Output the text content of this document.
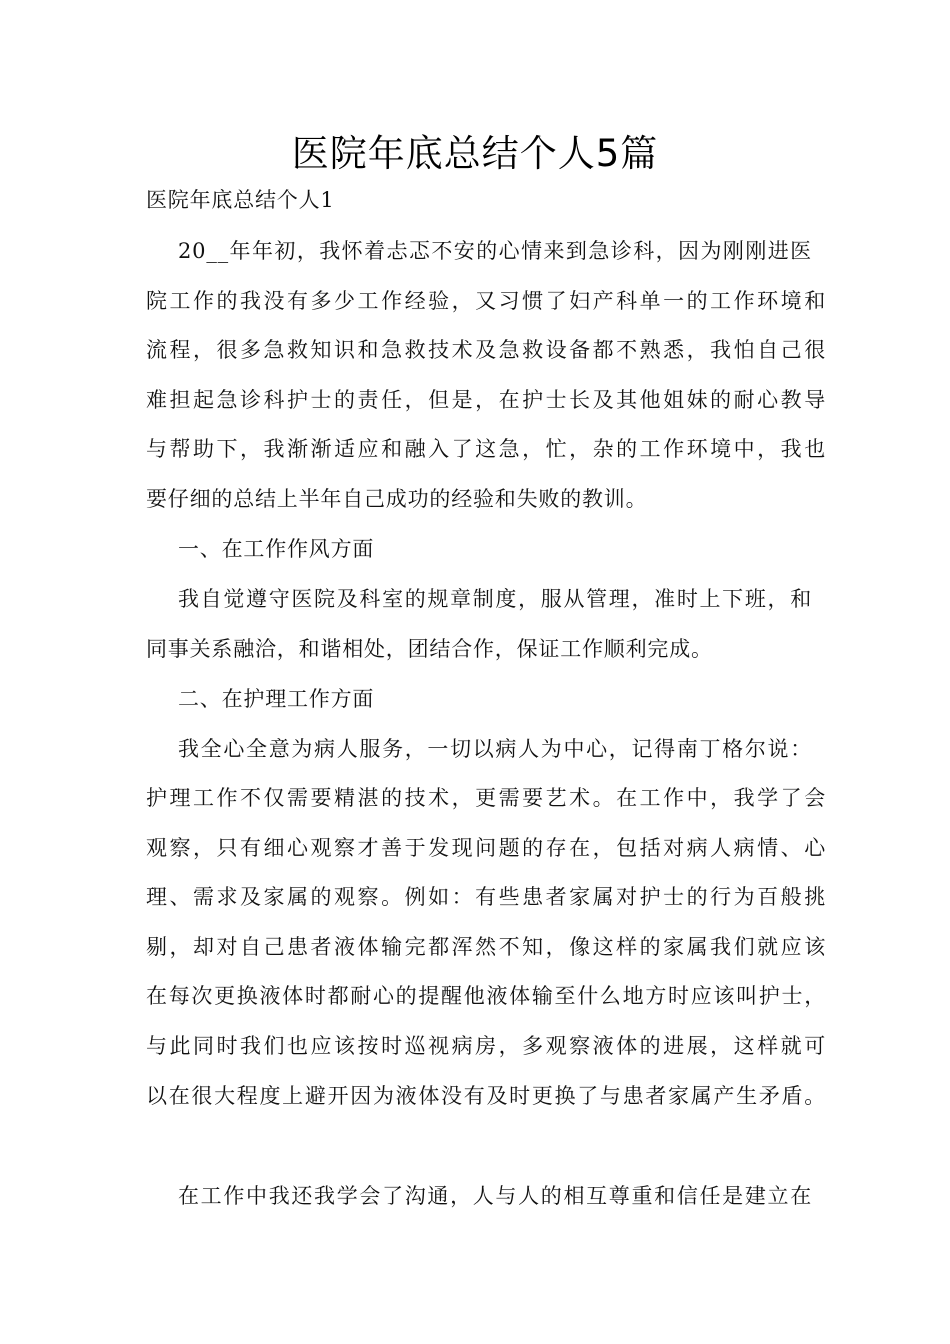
医院年底总结个人5篇
医院年底总结个人1
20__年年初，我怀着忐忑不安的心情来到急诊科，因为刚刚进医
院工作的我没有多少工作经验，又习惯了妇产科单一的工作环境和
流程，很多急救知识和急救技术及急救设备都不熟悉，我怕自己很
难担起急诊科护士的责任，但是，在护士长及其他姐妹的耐心教导
与帮助下，我渐渐适应和融入了这急，忙，杂的工作环境中，我也
要仔细的总结上半年自己成功的经验和失败的教训。
一、在工作作风方面
我自觉遵守医院及科室的规章制度，服从管理，准时上下班，和
同事关系融洽，和谐相处，团结合作，保证工作顺利完成。
二、在护理工作方面
我全心全意为病人服务，一切以病人为中心，记得南丁格尔说：
护理工作不仅需要精湛的技术，更需要艺术。在工作中，我学了会
观察，只有细心观察才善于发现问题的存在，包括对病人病情、心
理、需求及家属的观察。例如：有些患者家属对护士的行为百般挑
剔，却对自己患者液体输完都浑然不知，像这样的家属我们就应该
在每次更换液体时都耐心的提醒他液体输至什么地方时应该叫护士，
与此同时我们也应该按时巡视病房，多观察液体的进展，这样就可
以在很大程度上避开因为液体没有及时更换了与患者家属产生矛盾。
在工作中我还我学会了沟通，人与人的相互尊重和信任是建立在
